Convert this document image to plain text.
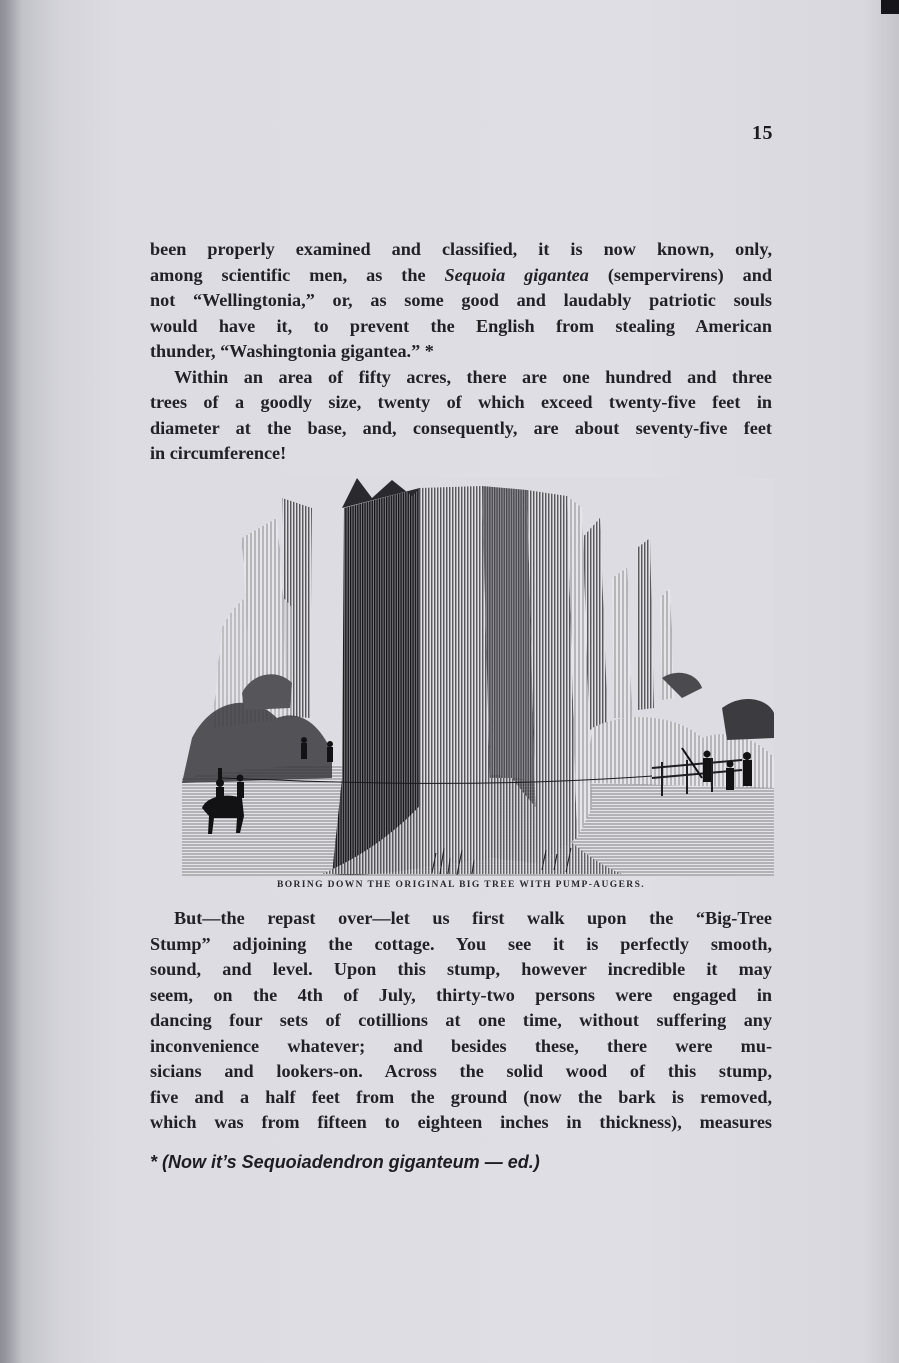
15
been properly examined and classified, it is now known, only,
among scientific men, as the Sequoia gigantea (sempervirens) and
not “Wellingtonia,” or, as some good and laudably patriotic souls
would have it, to prevent the English from stealing American
thunder, “Washingtonia gigantea.” *
Within an area of fifty acres, there are one hundred and three
trees of a goodly size, twenty of which exceed twenty-five feet in
diameter at the base, and, consequently, are about seventy-five feet
in circumference!
BORING DOWN THE ORIGINAL BIG TREE WITH PUMP-AUGERS.
But—the repast over—let us first walk upon the “Big-Tree
Stump” adjoining the cottage. You see it is perfectly smooth,
sound, and level. Upon this stump, however incredible it may
seem, on the 4th of July, thirty-two persons were engaged in
dancing four sets of cotillions at one time, without suffering any
inconvenience whatever; and besides these, there were mu-
sicians and lookers-on. Across the solid wood of this stump,
five and a half feet from the ground (now the bark is removed,
which was from fifteen to eighteen inches in thickness), measures
* (Now it’s Sequoiadendron giganteum — ed.)
